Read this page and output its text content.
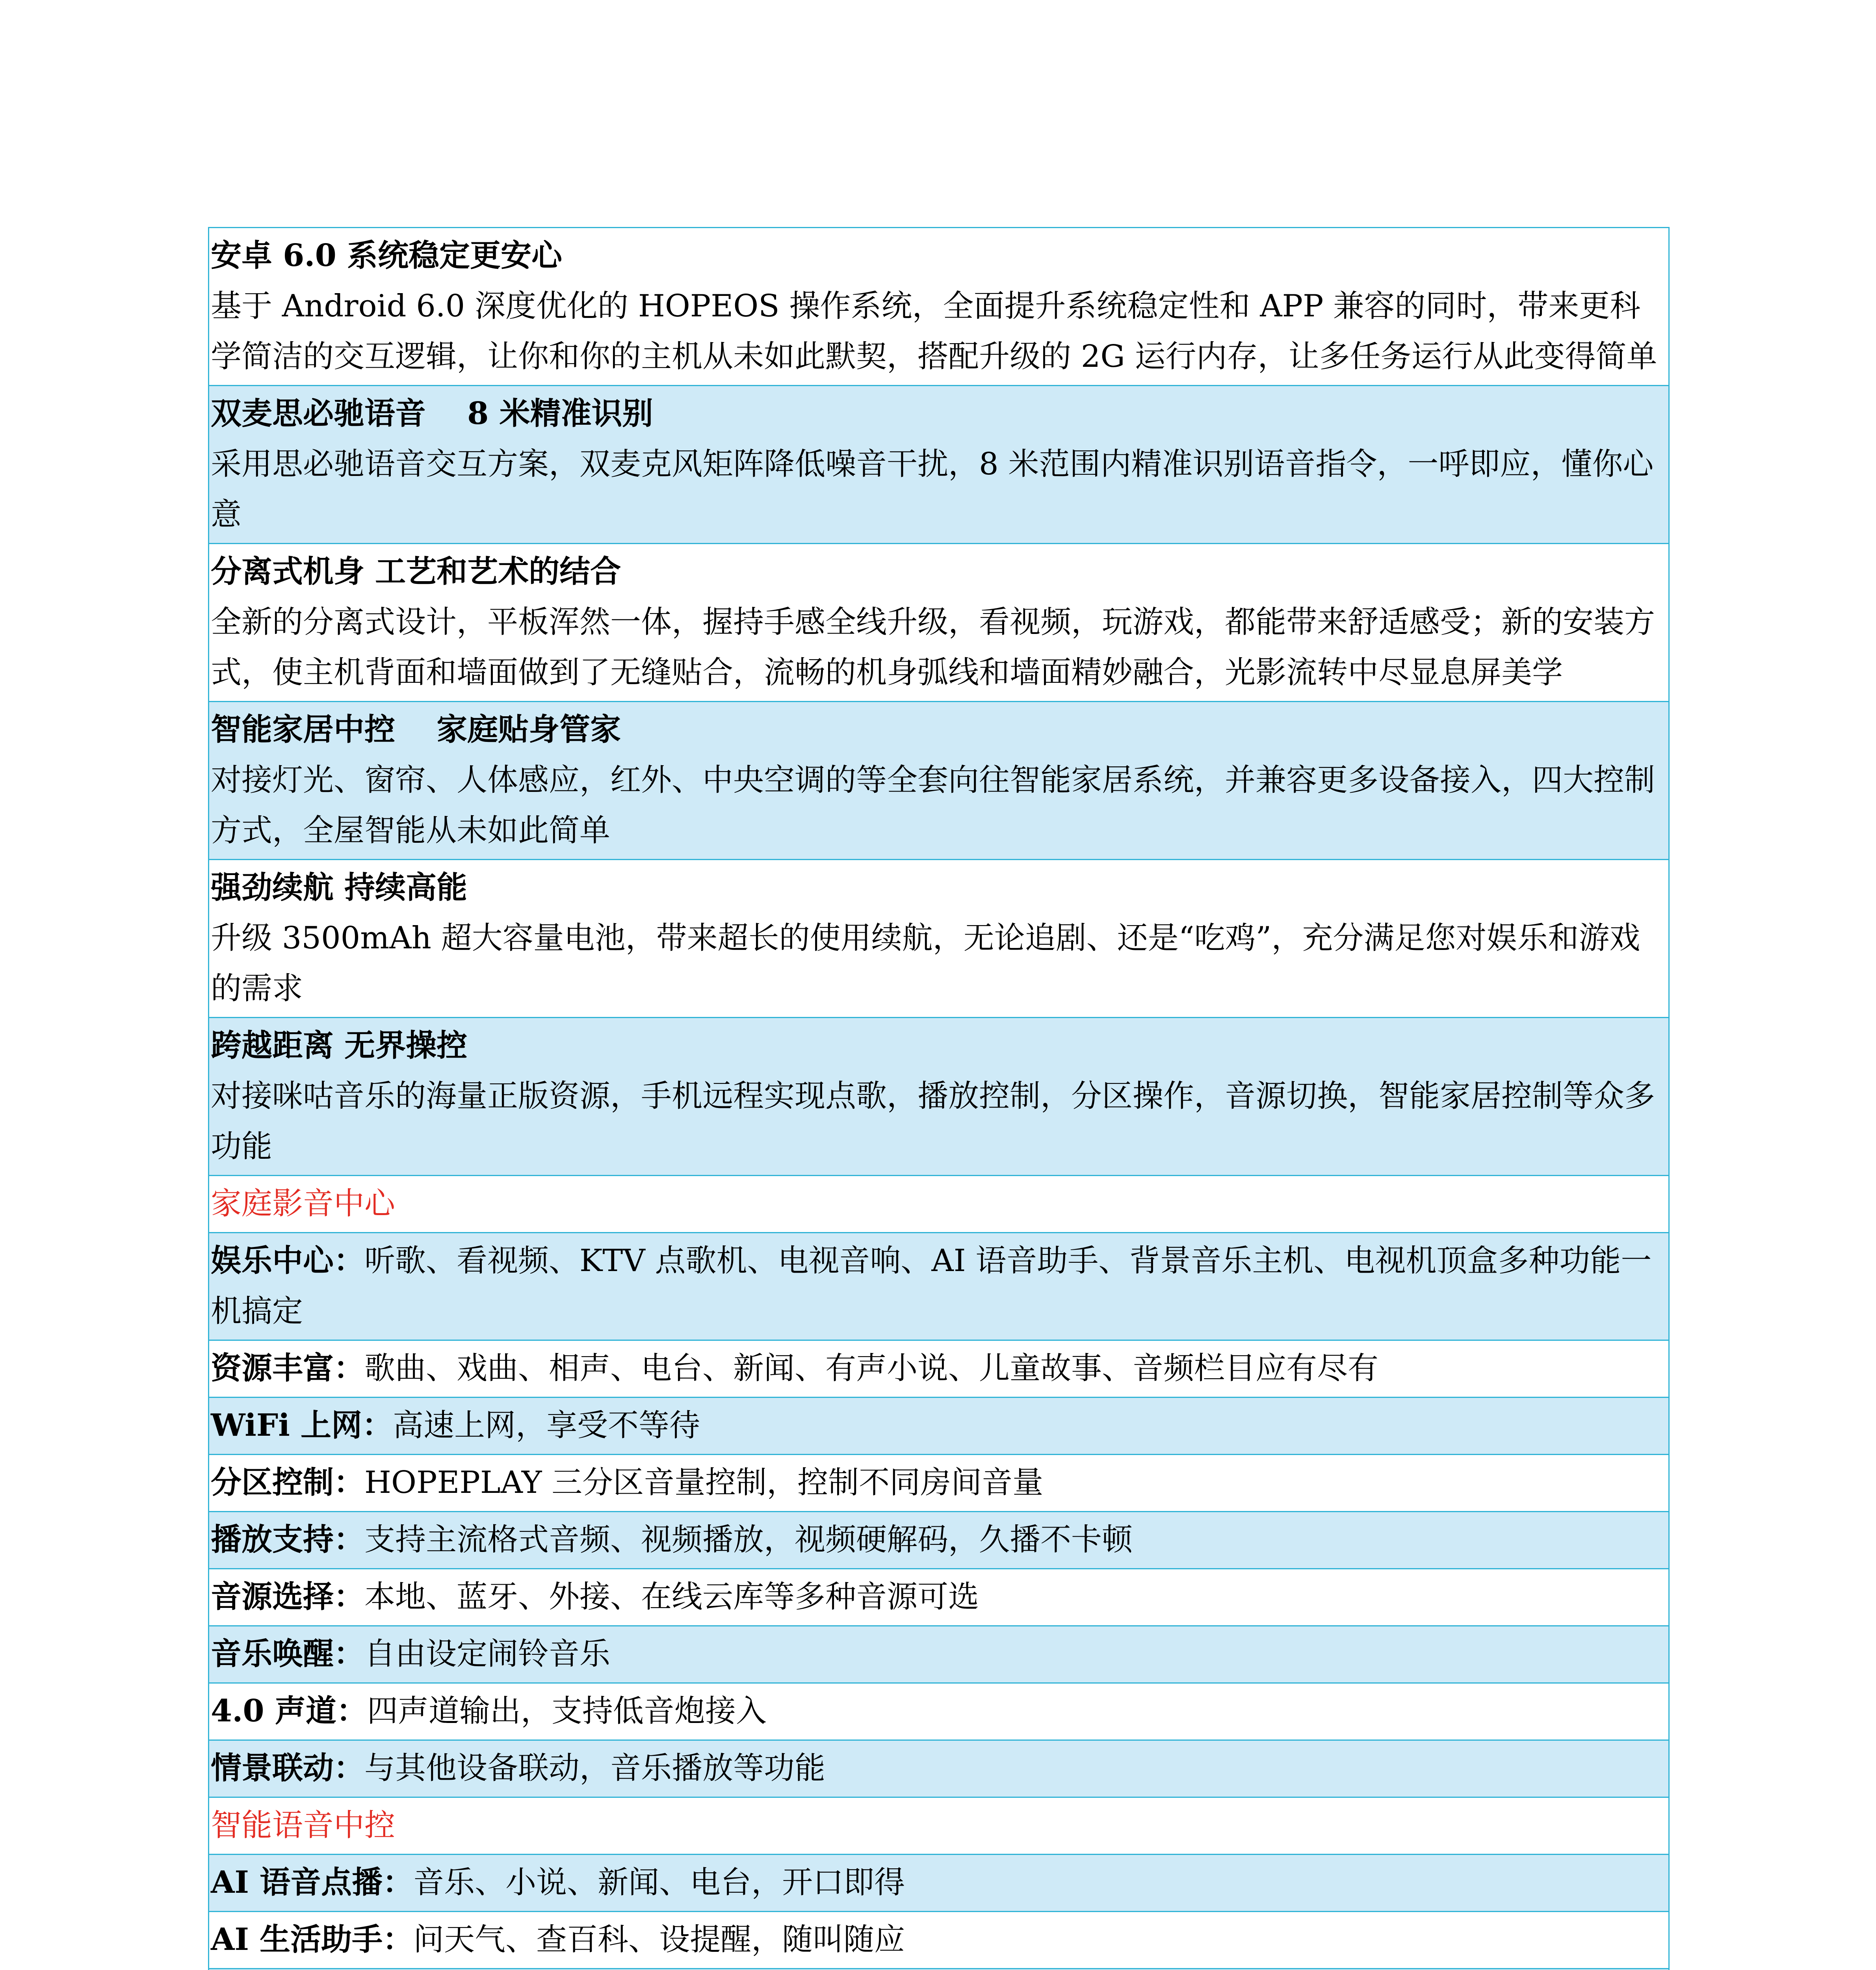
安卓 6.0 系统稳定更安心
基于 Android 6.0 深度优化的 HOPEOS 操作系统，全面提升系统稳定性和 APP 兼容的同时，带来更科学简洁的交互逻辑，让你和你的主机从未如此默契，搭配升级的 2G 运行内存，让多任务运行从此变得简单
双麦思必驰语音　 8 米精准识别
采用思必驰语音交互方案，双麦克风矩阵降低噪音干扰，8 米范围内精准识别语音指令，一呼即应，懂你心意
分离式机身 工艺和艺术的结合
全新的分离式设计，平板浑然一体，握持手感全线升级，看视频，玩游戏，都能带来舒适感受；新的安装方式，使主机背面和墙面做到了无缝贴合，流畅的机身弧线和墙面精妙融合，光影流转中尽显息屏美学
智能家居中控　 家庭贴身管家
对接灯光、窗帘、人体感应，红外、中央空调的等全套向往智能家居系统，并兼容更多设备接入，四大控制方式，全屋智能从未如此简单
强劲续航 持续高能
升级 3500mAh 超大容量电池，带来超长的使用续航，无论追剧、还是“吃鸡”，充分满足您对娱乐和游戏的需求
跨越距离 无界操控
对接咪咕音乐的海量正版资源，手机远程实现点歌，播放控制，分区操作，音源切换，智能家居控制等众多功能
家庭影音中心
娱乐中心：听歌、看视频、KTV 点歌机、电视音响、AI 语音助手、背景音乐主机、电视机顶盒多种功能一机搞定
资源丰富：歌曲、戏曲、相声、电台、新闻、有声小说、儿童故事、音频栏目应有尽有
WiFi 上网：高速上网，享受不等待
分区控制：HOPEPLAY 三分区音量控制，控制不同房间音量
播放支持：支持主流格式音频、视频播放，视频硬解码，久播不卡顿
音源选择：本地、蓝牙、外接、在线云库等多种音源可选
音乐唤醒：自由设定闹铃音乐
4.0 声道：四声道输出，支持低音炮接入
情景联动：与其他设备联动，音乐播放等功能
智能语音中控
AI 语音点播：音乐、小说、新闻、电台，开口即得
AI 生活助手：问天气、查百科、设提醒，随叫随应
